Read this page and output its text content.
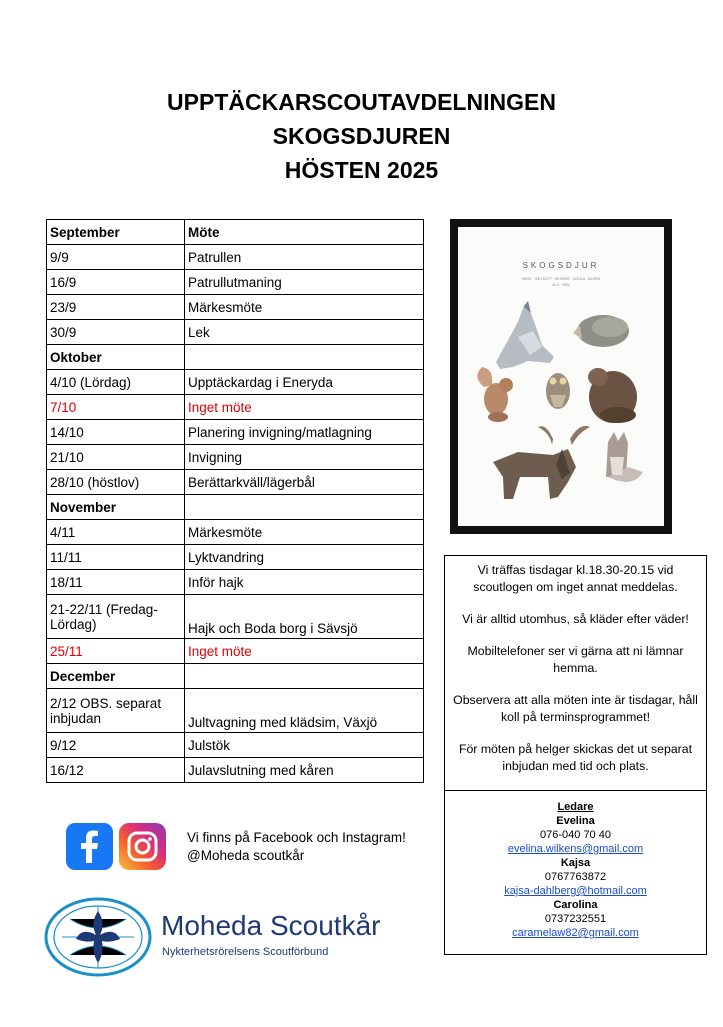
UPPTÄCKARSCOUTAVDELNINGEN
SKOGSDJUREN
HÖSTEN 2025
September	Möte
9/9	Patrullen
16/9	Patrullutmaning
23/9	Märkesmöte
30/9	Lek
Oktober	
4/10 (Lördag)	Upptäckardag i Eneryda
7/10	Inget möte
14/10	Planering invigning/matlagning
21/10	Invigning
28/10 (höstlov)	Berättarkväll/lägerbål
November	
4/11	Märkesmöte
11/11	Lyktvandring
18/11	Inför hajk
21-22/11 (Fredag-Lördag)	Hajk och Boda borg i Sävsjö
25/11	Inget möte
December	
2/12 OBS. separat inbjudan	Jultvagning med klädsim, Växjö
9/12	Julstök
16/12	Julavslutning med kåren
SKOGSDJUR
VARG · IGELKOTT · EKORRE · UGGLA · BJÖRN
ÄLG · RÄV

Vi träffas tisdagar kl.18.30-20.15 vid scoutlogen om inget annat meddelas.

Vi är alltid utomhus, så kläder efter väder!

Mobiltelefoner ser vi gärna att ni lämnar hemma.

Observera att alla möten inte är tisdagar, håll koll på terminsprogrammet!

För möten på helger skickas det ut separat inbjudan med tid och plats.

Ledare
Evelina
076-040 70 40
evelina.wilkens@gmail.com
Kajsa
0767763872
kajsa-dahlberg@hotmail.com
Carolina
0737232551
caramelaw82@gmail.com
Vi finns på Facebook och Instagram!
@Moheda scoutkår
Moheda Scoutkår
Nykterhetsrörelsens Scoutförbund
